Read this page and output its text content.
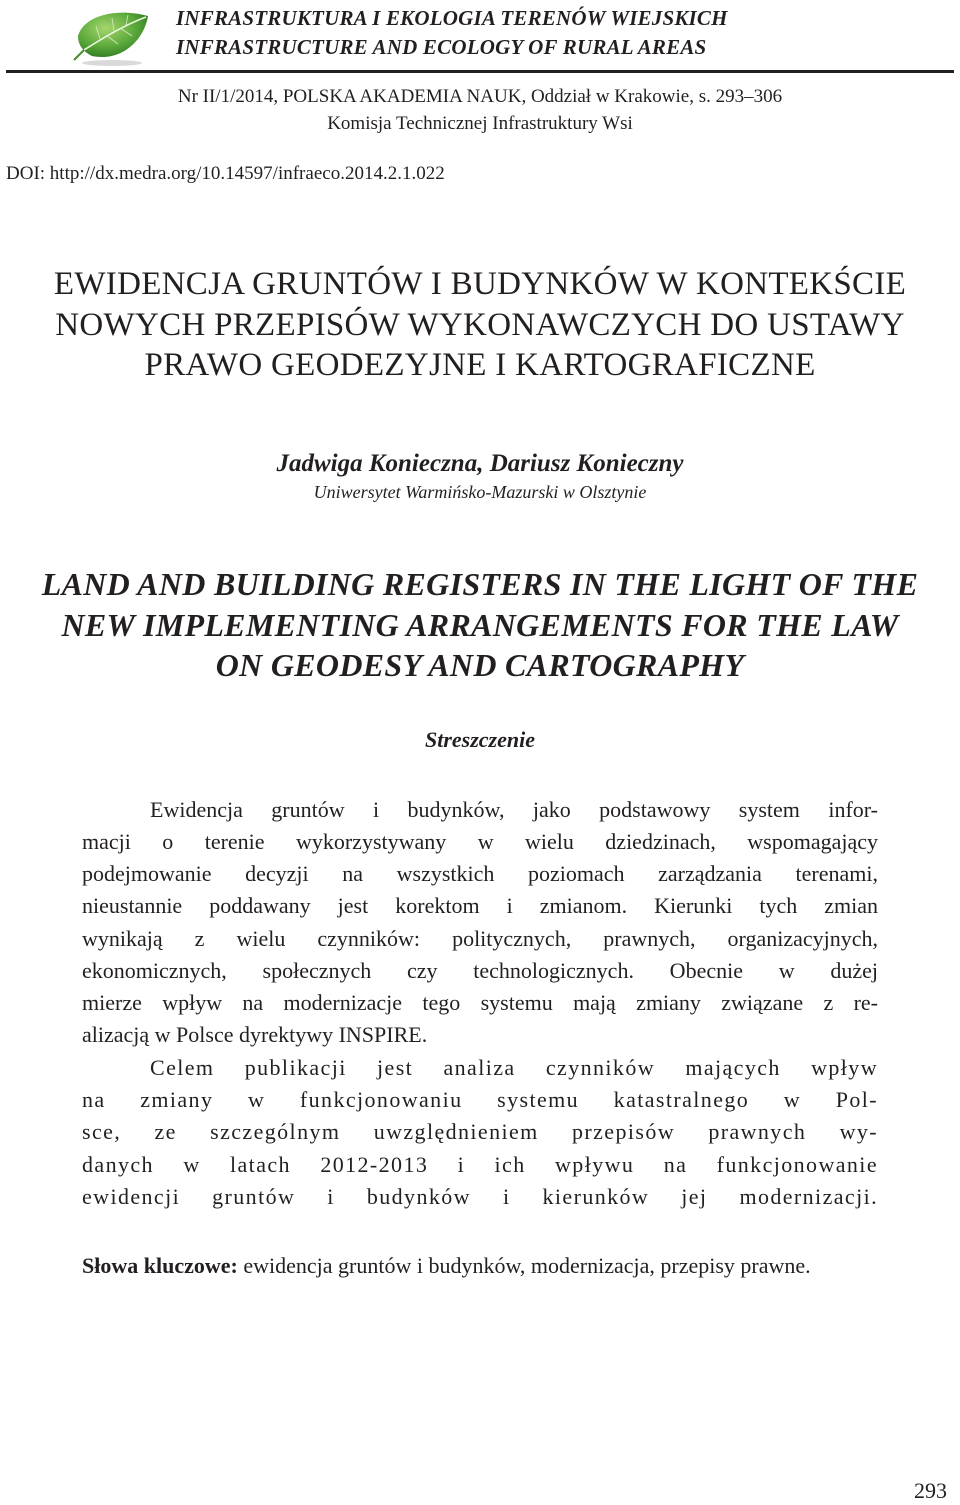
INFRASTRUKTURA I EKOLOGIA TERENÓW WIEJSKICH
INFRASTRUCTURE AND ECOLOGY OF RURAL AREAS
Nr II/1/2014, POLSKA AKADEMIA NAUK, Oddział w Krakowie, s. 293–306
Komisja Technicznej Infrastruktury Wsi
DOI: http://dx.medra.org/10.14597/infraeco.2014.2.1.022
EWIDENCJA GRUNTÓW I BUDYNKÓW W KONTEKŚCIE
NOWYCH PRZEPISÓW WYKONAWCZYCH DO USTAWY
PRAWO GEODEZYJNE I KARTOGRAFICZNE
Jadwiga Konieczna, Dariusz Konieczny
Uniwersytet Warmińsko-Mazurski w Olsztynie
LAND AND BUILDING REGISTERS IN THE LIGHT OF THE
NEW IMPLEMENTING ARRANGEMENTS FOR THE LAW
ON GEODESY AND CARTOGRAPHY
Streszczenie
Ewidencja gruntów i budynków, jako podstawowy system infor-
macji o terenie wykorzystywany w wielu dziedzinach, wspomagający
podejmowanie decyzji na wszystkich poziomach zarządzania terenami,
nieustannie poddawany jest korektom i zmianom. Kierunki tych zmian
wynikają z wielu czynników: politycznych, prawnych, organizacyjnych,
ekonomicznych, społecznych czy technologicznych. Obecnie w dużej
mierze wpływ na modernizacje tego systemu mają zmiany związane z re-
alizacją w Polsce dyrektywy INSPIRE.
Celem publikacji jest analiza czynników mających wpływ
na zmiany w funkcjonowaniu systemu katastralnego w Pol-
sce, ze szczególnym uwzględnieniem przepisów prawnych wy-
danych w latach 2012-2013 i ich wpływu na funkcjonowanie
ewidencji gruntów i budynków i kierunków jej modernizacji.
Słowa kluczowe: ewidencja gruntów i budynków, modernizacja, przepisy prawne.
293
